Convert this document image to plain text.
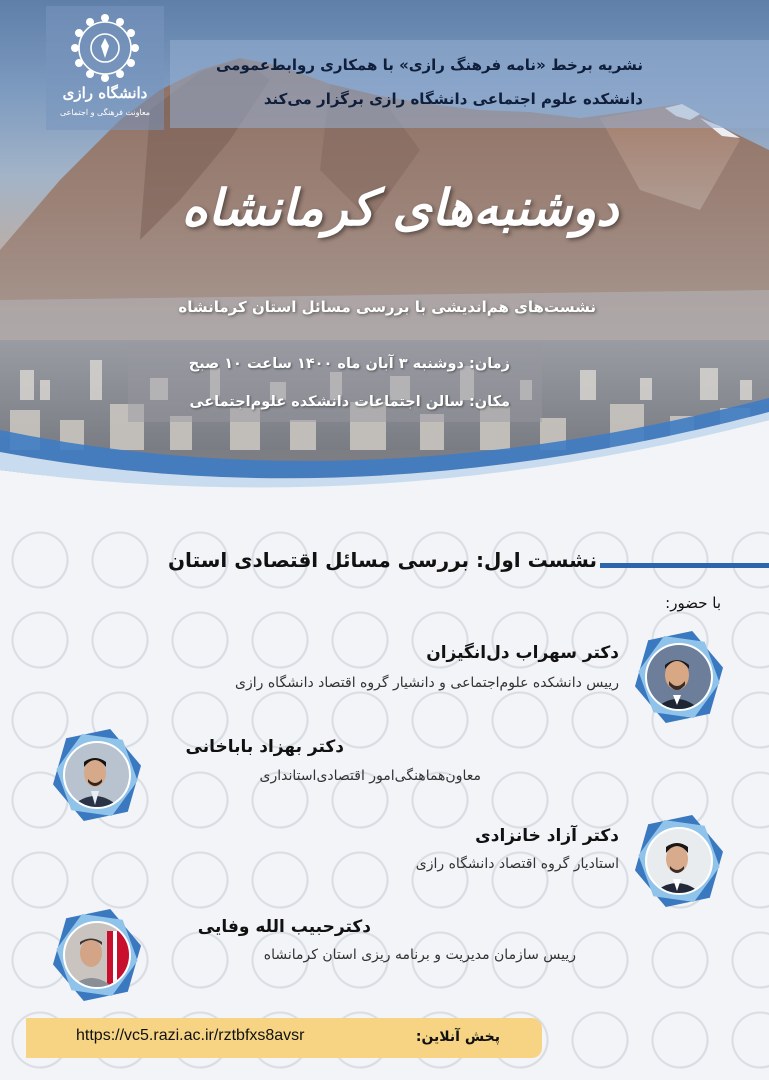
دانشگاه رازی
معاونت فرهنگی و اجتماعی

نشریه برخط «نامه فرهنگ رازی» با همکاری روابط‌عمومی

دانشکده علوم اجتماعی دانشگاه رازی برگزار می‌کند

دوشنبه‌های کرمانشاه
نشست‌های هم‌اندیشی با بررسی مسائل استان کرمانشاه

زمان: دوشنبه ۳ آبان ماه ۱۴۰۰ ساعت ۱۰ صبح

مکان: سالن اجتماعات دانشکده علوم‌اجتماعی

نشست اول: بررسی مسائل اقتصادی استان
با حضور:
دکتر سهراب دل‌انگیزان
رییس دانشکده علوم‌اجتماعی و دانشیار گروه اقتصاد دانشگاه رازی
دکتر بهزاد باباخانی
معاون‌هماهنگی‌امور اقتصادی‌استانداری
دکتر آزاد خانزادی
استادیار گروه اقتصاد دانشگاه رازی
دکترحبیب الله وفایی
رییس سازمان مدیریت و برنامه ریزی استان کرمانشاه
پخش آنلاین:
https://vc5.razi.ac.ir/rztbfxs8avsr
